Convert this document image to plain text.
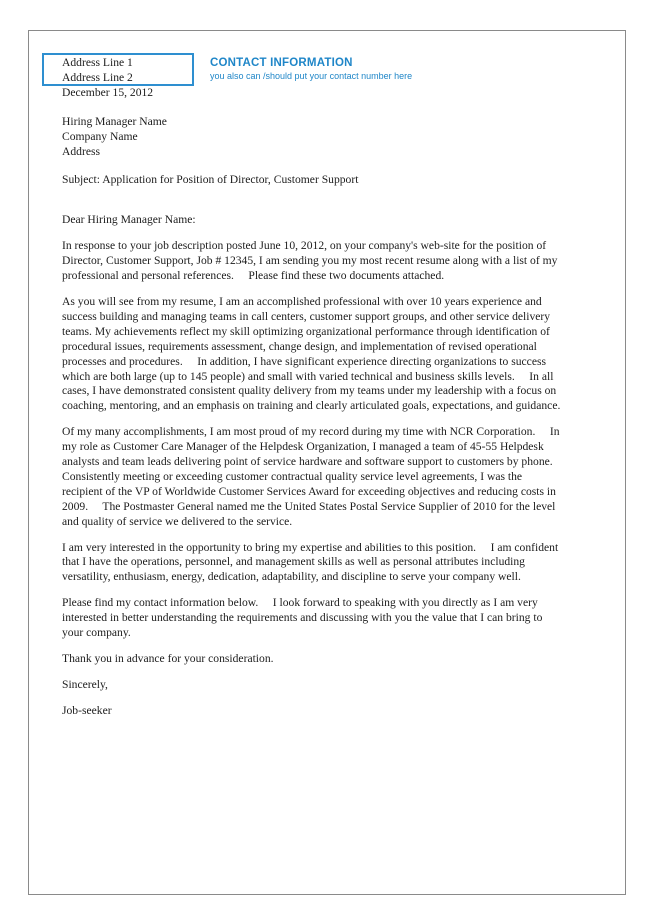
CONTACT INFORMATION
you also can /should put your contact number here

Address Line 1

Address Line 2

December 15, 2012

Hiring Manager Name

Company Name

Address

Subject: Application for Position of Director, Customer Support

Dear Hiring Manager Name:

In response to your job description posted June 10, 2012, on your company's web-site for the position of Director, Customer Support, Job # 12345, I am sending you my most recent resume along with a list of my professional and personal references.     Please find these two documents attached.

As you will see from my resume, I am an accomplished professional with over 10 years experience and success building and managing teams in call centers, customer support groups, and other service delivery teams. My achievements reflect my skill optimizing organizational performance through identification of procedural issues, requirements assessment, change design, and implementation of revised operational processes and procedures.     In addition, I have significant experience directing organizations to success which are both large (up to 145 people) and small with varied technical and business skills levels.     In all cases, I have demonstrated consistent quality delivery from my teams under my leadership with a focus on coaching, mentoring, and an emphasis on training and clearly articulated goals, expectations, and guidance.

Of my many accomplishments, I am most proud of my record during my time with NCR Corporation.     In my role as Customer Care Manager of the Helpdesk Organization, I managed a team of 45-55 Helpdesk analysts and team leads delivering point of service hardware and software support to customers by phone.     Consistently meeting or exceeding customer contractual quality service level agreements, I was the recipient of the VP of Worldwide Customer Services Award for exceeding objectives and reducing costs in 2009.     The Postmaster General named me the United States Postal Service Supplier of 2010 for the level and quality of service we delivered to the service.

I am very interested in the opportunity to bring my expertise and abilities to this position.     I am confident that I have the operations, personnel, and management skills as well as personal attributes including versatility, enthusiasm, energy, dedication, adaptability, and discipline to serve your company well.

Please find my contact information below.     I look forward to speaking with you directly as I am very interested in better understanding the requirements and discussing with you the value that I can bring to your company.

Thank you in advance for your consideration.

Sincerely,

Job-seeker
